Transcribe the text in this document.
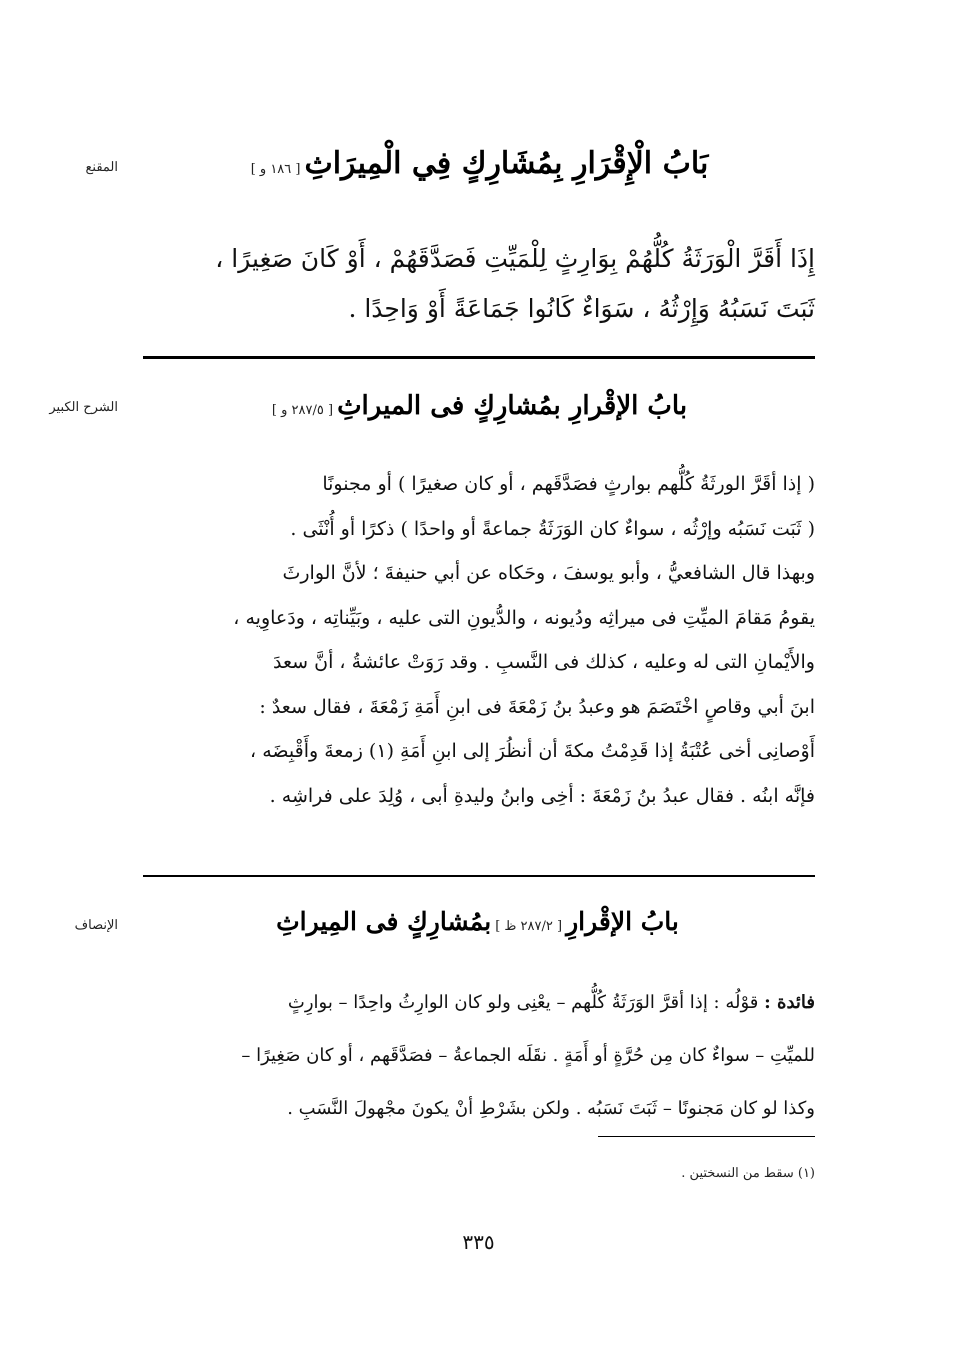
المقنع	بَابُ الْإِقْرَارِ بِمُشَارِكٍ فِي الْمِيرَاثِ[ ١٨٦ و ]

إِذَا أَقَرَّ الْوَرَثَةُ كُلُّهُمْ بِوَارِثٍ لِلْمَيِّتِ فَصَدَّقَهُمْ ، أَوْ كَانَ صَغِيرًا ،

ثَبَتَ نَسَبُهُ وَإِرْثُهُ ، سَوَاءٌ كَانُوا جَمَاعَةً أَوْ وَاحِدًا .

الشرح الكبير	بابُ الإقْرارِ بمُشارِكٍ فى الميراثِ[ ٢٨٧/٥ و ]

( إذا أقَرَّ الورثَةُ كُلُّهم بوارثٍ فصَدَّقَهم ، أو كان صغيرًا ) أو مجنونًا

( ثَبَت نَسَبُه وإرْثُه ، سواءٌ كان الوَرَثَةُ جماعةً أو واحدًا ) ذكرًا أو أُنْثَى .

وبهذا قال الشافعيُّ ، وأبو يوسفَ ، وحَكاه عن أبي حنيفةَ ؛ لأنَّ الوارثَ

يقومُ مَقامَ الميِّتِ فى ميراثِه ودُيونه ، والدُّيونِ التى عليه ، وبَيِّناتِه ، ودَعاوِيه ،

والأَيْمانِ التى له وعليه ، كذلك فى النَّسبِ . وقد رَوَتْ عائشةُ ، أنَّ سعدَ

ابنَ أبي وقاصٍ اخْتَصَمَ هو وعبدُ بنُ زَمْعَةَ فى ابنِ أَمَةِ زَمْعَةَ ، فقال سعدٌ :

أَوْصانِى أخى عُتْبَةُ إذا قَدِمْتُ مكةَ أن أنظُرَ إلى ابنِ أَمَةِ (١) زمعةَ وأَقْبِضَه ،

فإنَّه ابنُه . فقال عبدُ بنُ زَمْعَةَ : أخِى وابنُ وليدةِ أبى ، وُلِدَ على فراشِه .

الإنصاف	بابُ الإقْرارِ[ ٢٨٧/٢ ظ ]بمُشارِكٍ فى المِيراثِ

فائدة : قوْلُه : إذا أقرَّ الوَرَثَةُ كُلُّهم – يعْنِى ولو كان الوارِثُ واحِدًا – بوارِثٍ

للميِّتِ – سواءٌ كان مِن حُرَّةٍ أو أَمَةٍ . نقَلَه الجماعةُ – فصَدَّقَهم ، أو كان صَغِيرًا –

وكذا لو كان مَجنونًا – ثَبَتَ نَسَبُه . ولكن بشَرْطِ أنْ يكونَ مجْهولَ النَّسَبِ .

(١) سقط من النسختين .
٣٣٥
